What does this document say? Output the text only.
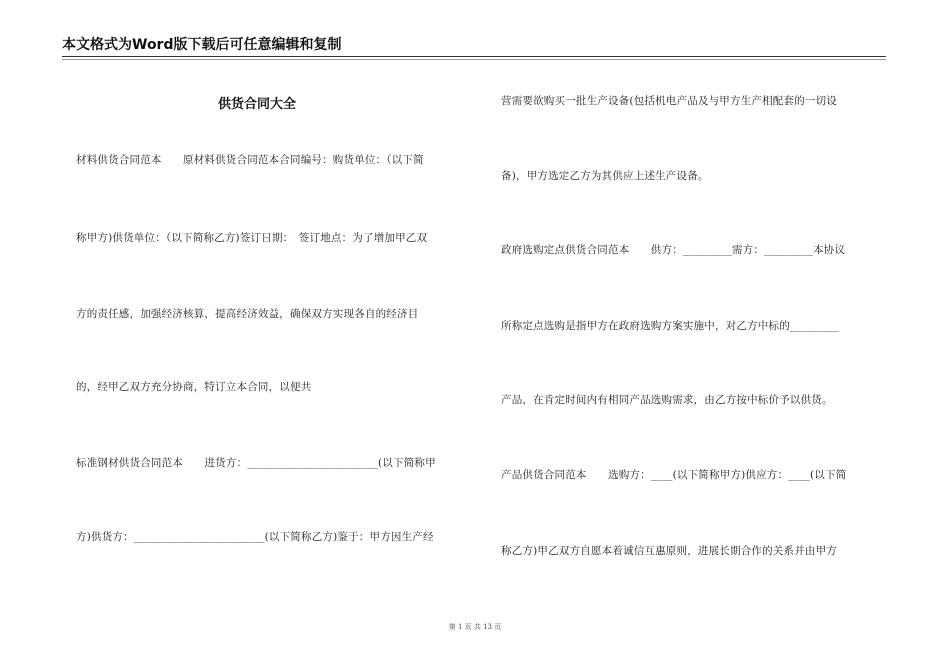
本文格式为Word版下载后可任意编辑和复制
供货合同大全
材料供货合同范本　　原材料供货合同范本合同编号：购货单位：（以下简
称甲方)供货单位：（以下简称乙方)签订日期：　签订地点：为了增加甲乙双
方的责任感，加强经济核算，提高经济效益，确保双方实现各自的经济目
的，经甲乙双方充分协商，特订立本合同，以便共
标准钢材供货合同范本　　进货方：________________________(以下简称甲
方)供货方：________________________(以下简称乙方)鉴于：甲方因生产经
营需要欲购买一批生产设备(包括机电产品及与甲方生产相配套的一切设
备)，甲方选定乙方为其供应上述生产设备。
政府选购定点供货合同范本　　供方：_________需方：_________本协议
所称定点选购是指甲方在政府选购方案实施中，对乙方中标的_________
产品，在肯定时间内有相同产品选购需求，由乙方按中标价予以供货。
产品供货合同范本　　选购方：____(以下简称甲方)供应方：____(以下简
称乙方)甲乙双方自愿本着诚信互惠原则，进展长期合作的关系并由甲方
第 1 页 共 13 页
